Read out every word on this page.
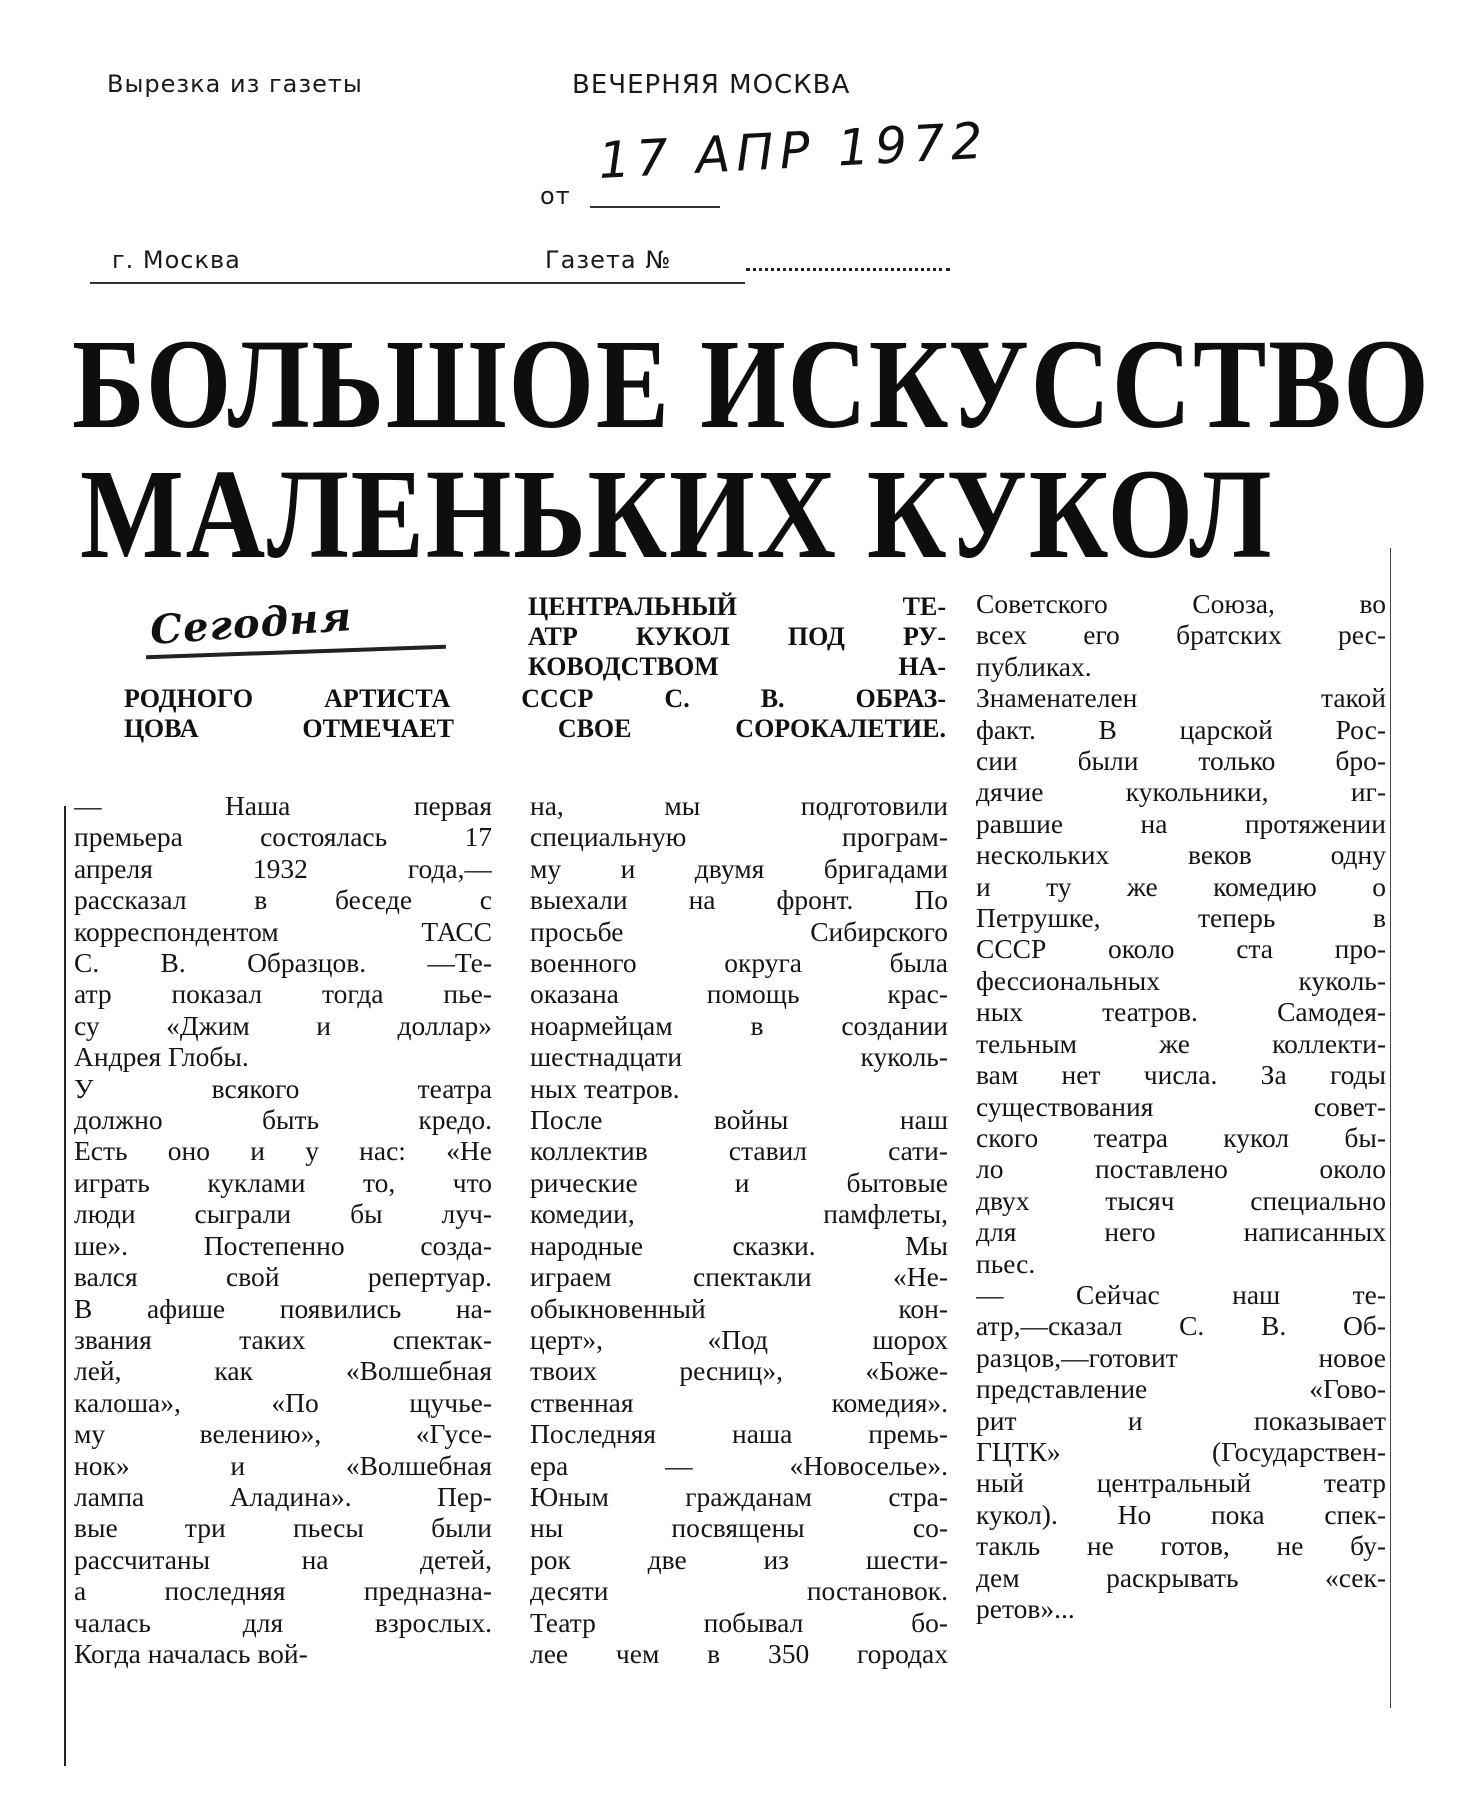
Вырезка из газеты	ВЕЧЕРНЯЯ МОСКВА
от
17 АПР 1972
г. Москва	Газета №
БОЛЬШОЕ ИСКУССТВО
МАЛЕНЬКИХ КУКОЛ
Сегодня	ЦЕНТРАЛЬНЫЙ ТЕ-
АТР КУКОЛ ПОД РУ-
КОВОДСТВОМ НА-
РОДНОГО АРТИСТА СССР С. В. ОБРАЗ-
ЦОВА ОТМЕЧАЕТ СВОЕ СОРОКАЛЕТИЕ.
— Наша первая
премьера состоялась 17
апреля 1932 года,—
рассказал в беседе с
корреспондентом ТАСС
С. В. Образцов. —Те-
атр показал тогда пье-
су «Джим и доллар»
Андрея Глобы.
У всякого театра
должно быть кредо.
Есть оно и у нас: «Не
играть куклами то, что
люди сыграли бы луч-
ше». Постепенно созда-
вался свой репертуар.
В афише появились на-
звания таких спектак-
лей, как «Волшебная
калоша», «По щучье-
му велению», «Гусе-
нок» и «Волшебная
лампа Аладина». Пер-
вые три пьесы были
рассчитаны на детей,
а последняя предназна-
чалась для взрослых.
Когда началась вой-
на, мы подготовили
специальную програм-
му и двумя бригадами
выехали на фронт. По
просьбе Сибирского
военного округа была
оказана помощь крас-
ноармейцам в создании
шестнадцати куколь-
ных театров.
После войны наш
коллектив ставил сати-
рические и бытовые
комедии, памфлеты,
народные сказки. Мы
играем спектакли «Не-
обыкновенный кон-
церт», «Под шорох
твоих ресниц», «Боже-
ственная комедия».
Последняя наша премь-
ера — «Новоселье».
Юным гражданам стра-
ны посвящены со-
рок две из шести-
десяти постановок.
Театр побывал бо-
лее чем в 350 городах
Советского Союза, во
всех его братских рес-
публиках.
Знаменателен такой
факт. В царской Рос-
сии были только бро-
дячие кукольники, иг-
равшие на протяжении
нескольких веков одну
и ту же комедию о
Петрушке, теперь в
СССР около ста про-
фессиональных куколь-
ных театров. Самодея-
тельным же коллекти-
вам нет числа. За годы
существования совет-
ского театра кукол бы-
ло поставлено около
двух тысяч специально
для него написанных
пьес.
— Сейчас наш те-
атр,—сказал С. В. Об-
разцов,—готовит новое
представление «Гово-
рит и показывает
ГЦТК» (Государствен-
ный центральный театр
кукол). Но пока спек-
такль не готов, не бу-
дем раскрывать «сек-
ретов»...
